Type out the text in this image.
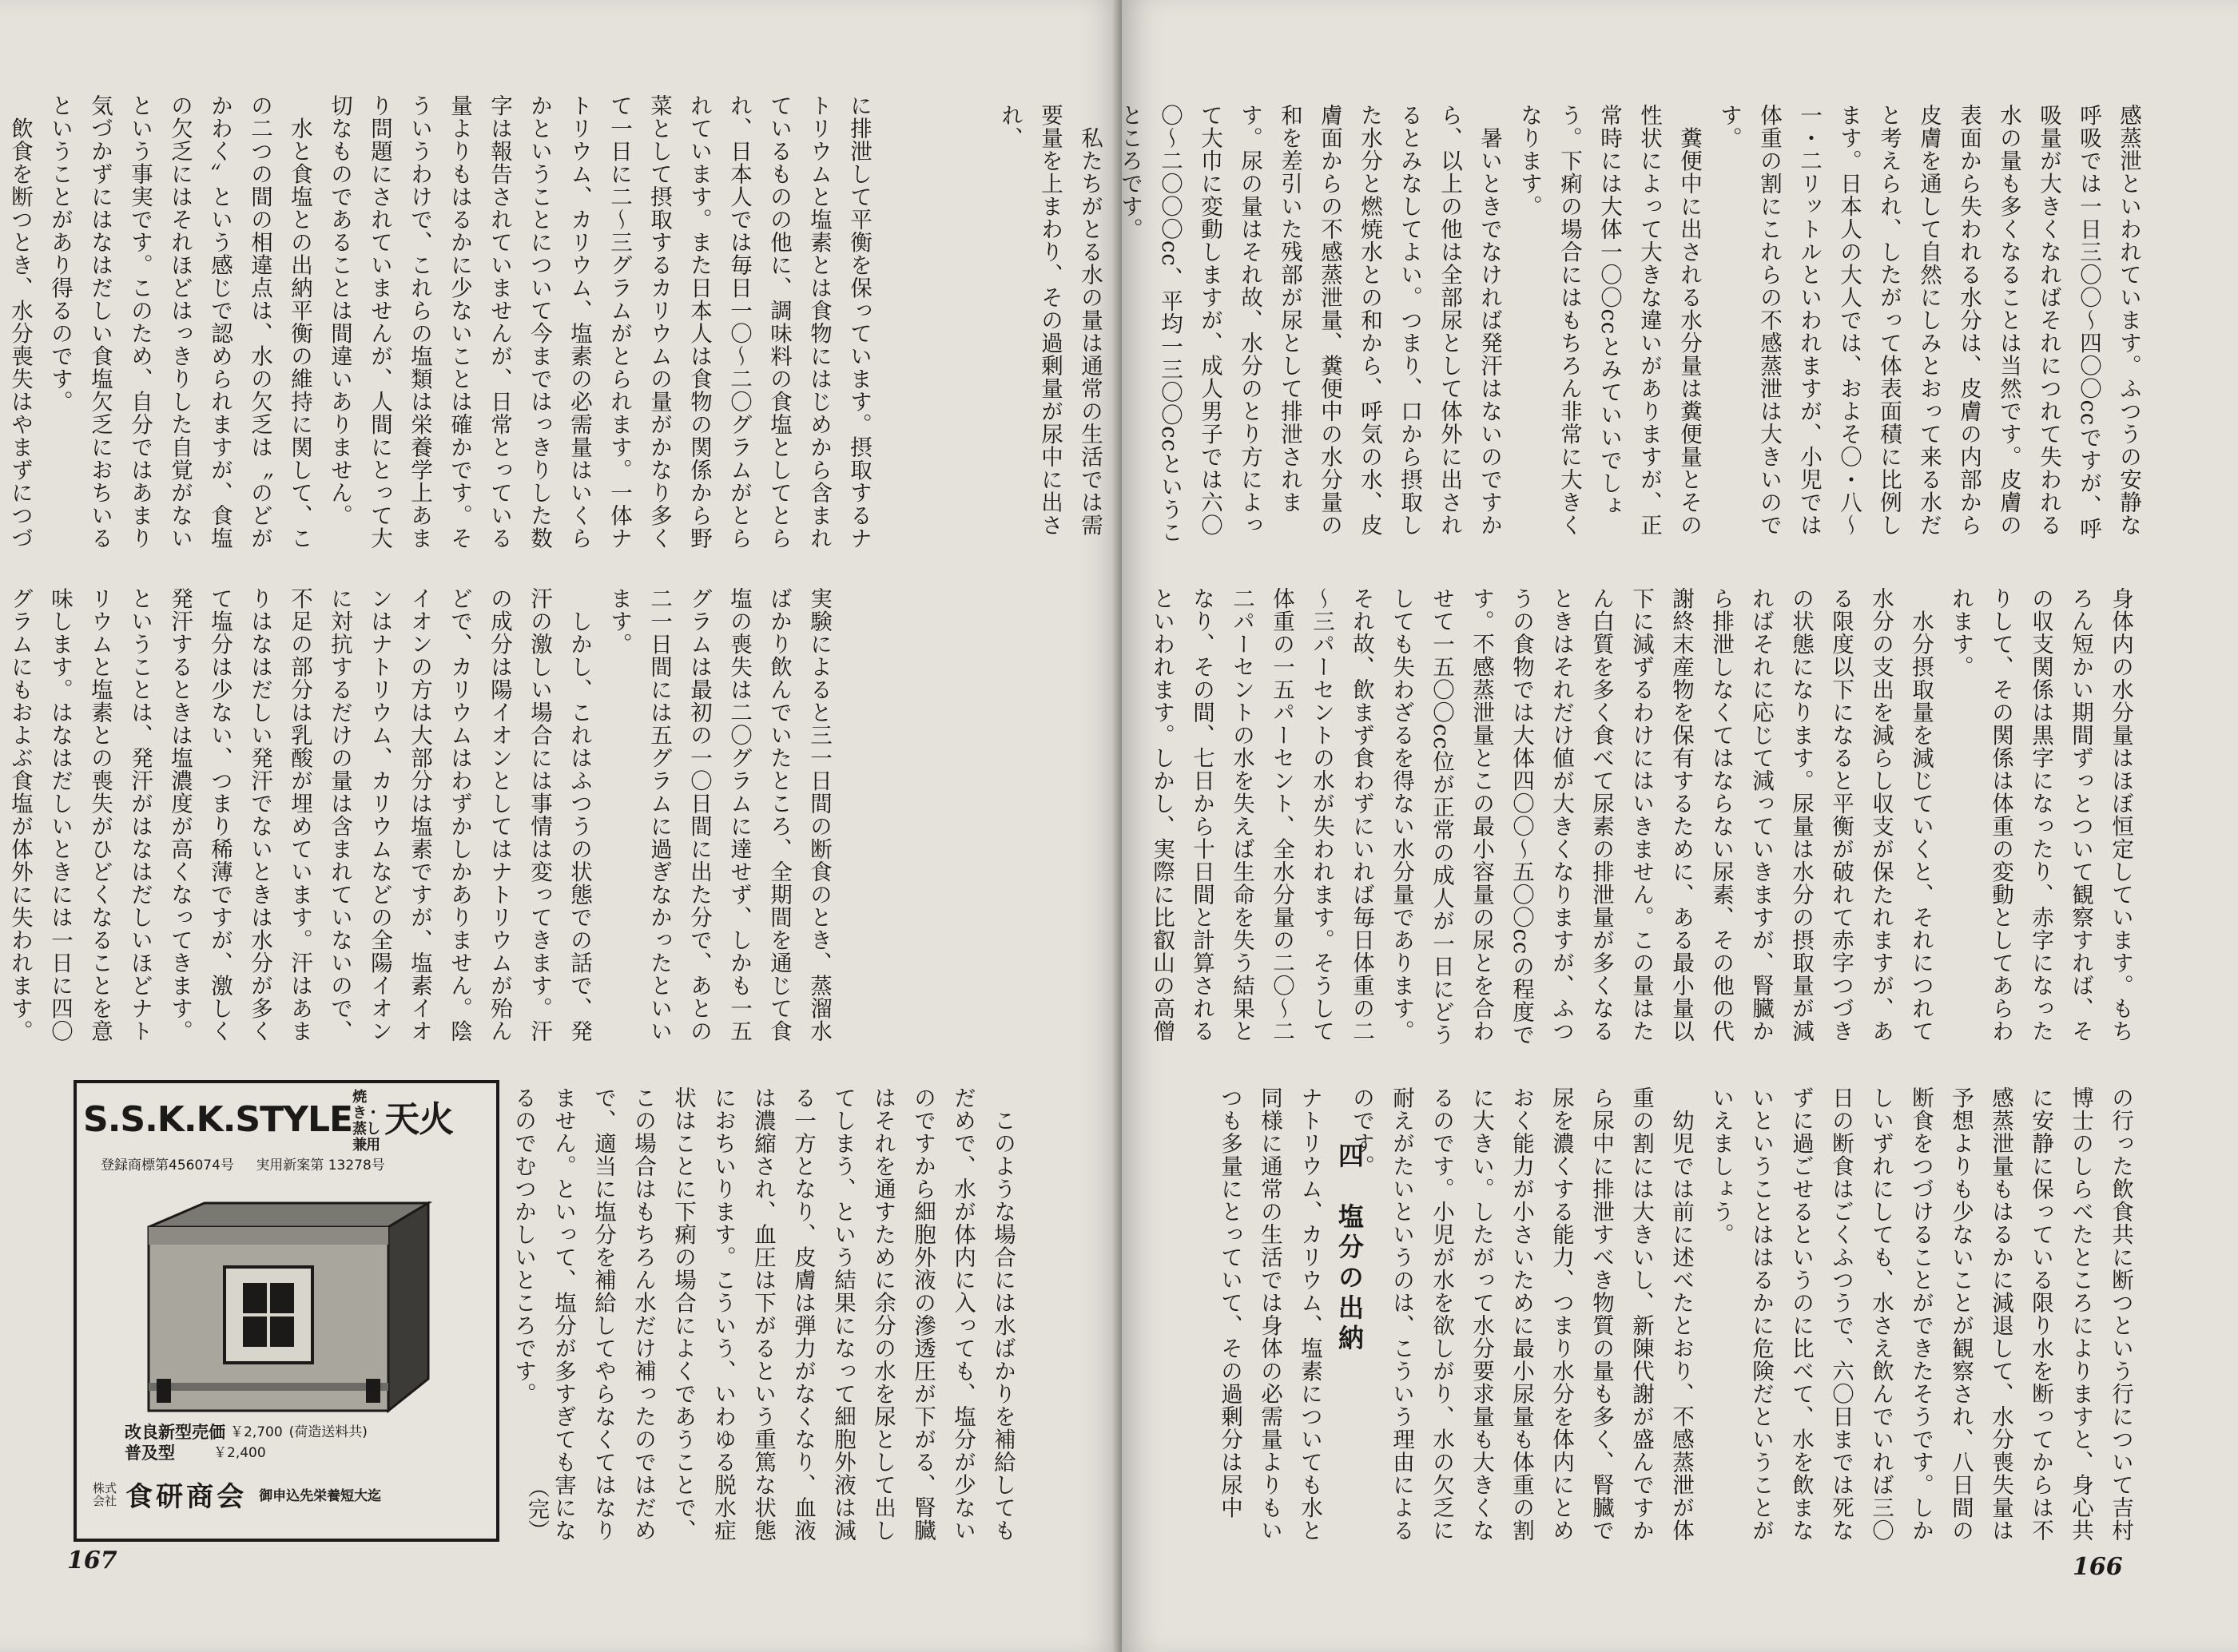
に排泄して平衡を保っています。摂取するナトリウムと塩素とは食物にはじめから含まれているものの他に、調味料の食塩としてとられ、日本人では毎日一〇～二〇グラムがとられています。また日本人は食物の関係から野菜として摂取するカリウムの量がかなり多くて一日に二～三グラムがとられます。一体ナトリウム、カリウム、塩素の必需量はいくらかということについて今まではっきりした数字は報告されていませんが、日常とっている量よりもはるかに少ないことは確かです。そういうわけで、これらの塩類は栄養学上あまり問題にされていませんが、人間にとって大切なものであることは間違いありません。
　水と食塩との出納平衡の維持に関して、この二つの間の相違点は、水の欠乏は〝のどがかわく〟という感じで認められますが、食塩の欠乏にはそれほどはっきりした自覚がないという事実です。このため、自分ではあまり気づかずにはなはだしい食塩欠乏におちいるということがあり得るのです。
　飲食を断つとき、水分喪失はやまずにつづ
実験によると三一日間の断食のとき、蒸溜水ばかり飲んでいたところ、全期間を通じて食塩の喪失は二〇グラムに達せず、しかも一五グラムは最初の一〇日間に出た分で、あとの二一日間には五グラムに過ぎなかったといいます。
　しかし、これはふつうの状態での話で、発汗の激しい場合には事情は変ってきます。汗の成分は陽イオンとしてはナトリウムが殆んどで、カリウムはわずかしかありません。陰イオンの方は大部分は塩素ですが、塩素イオンはナトリウム、カリウムなどの全陽イオンに対抗するだけの量は含まれていないので、不足の部分は乳酸が埋めています。汗はあまりはなはだしい発汗でないときは水分が多くて塩分は少ない、つまり稀薄ですが、激しく発汗するときは塩濃度が高くなってきます。ということは、発汗がはなはだしいほどナトリウムと塩素との喪失がひどくなることを意味します。はなはだしいときには一日に四〇グラムにもおよぶ食塩が体外に失われます。

　このような場合には水ばかりを補給してもだめで、水が体内に入っても、塩分が少ないのですから細胞外液の滲透圧が下がる、腎臓はそれを通すために余分の水を尿として出してしまう、という結果になって細胞外液は減る一方となり、皮膚は弾力がなくなり、血液は濃縮され、血圧は下がるという重篤な状態におちいります。こういう、いわゆる脱水症状はことに下痢の場合によくであうことで、この場合はもちろん水だけ補ったのではだめで、適当に塩分を補給してやらなくてはなりません。といって、塩分が多すぎても害になるのでむつかしいところです。
（完）
S.S.K.K.STYLE焼き・蒸し兼用天火
登録商標第456074号 実用新案第 13278号
改良新型 売価 ￥2,700 (荷造送料共)
普及型	￥2,400
株式会社 食研商会 御申込先栄養短大迄
167
感蒸泄といわれています。ふつうの安静な呼吸では一日三〇〇～四〇〇ccですが、呼吸量が大きくなればそれにつれて失われる水の量も多くなることは当然です。皮膚の表面から失われる水分は、皮膚の内部から皮膚を通して自然にしみとおって来る水だと考えられ、したがって体表面積に比例します。日本人の大人では、およそ〇・八～一・二リットルといわれますが、小児では体重の割にこれらの不感蒸泄は大きいのです。
　糞便中に出される水分量は糞便量とその性状によって大きな違いがありますが、正常時には大体一〇〇ccとみていいでしょう。下痢の場合にはもちろん非常に大きくなります。
　暑いときでなければ発汗はないのですから、以上の他は全部尿として体外に出されるとみなしてよい。つまり、口から摂取した水分と燃焼水との和から、呼気の水、皮膚面からの不感蒸泄量、糞便中の水分量の和を差引いた残部が尿として排泄されます。尿の量はそれ故、水分のとり方によって大巾に変動しますが、成人男子では六〇〇～二〇〇〇cc、平均一三〇〇ccということころです。
　私たちがとる水の量は通常の生活では需要量を上まわり、その過剰量が尿中に出され、
身体内の水分量はほぼ恒定しています。もちろん短かい期間ずっとついて観察すれば、その収支関係は黒字になったり、赤字になったりして、その関係は体重の変動としてあらわれます。
　水分摂取量を減じていくと、それにつれて水分の支出を減らし収支が保たれますが、ある限度以下になると平衡が破れて赤字つづきの状態になります。尿量は水分の摂取量が減ればそれに応じて減っていきますが、腎臓から排泄しなくてはならない尿素、その他の代謝終末産物を保有するために、ある最小量以下に減ずるわけにはいきません。この量はたん白質を多く食べて尿素の排泄量が多くなるときはそれだけ値が大きくなりますが、ふつうの食物では大体四〇〇～五〇〇ccの程度です。不感蒸泄量とこの最小容量の尿とを合わせて一五〇〇cc位が正常の成人が一日にどうしても失わざるを得ない水分量であります。それ故、飲まず食わずにいれば毎日体重の二～三パーセントの水が失われます。そうして体重の一五パーセント、全水分量の二〇～二二パーセントの水を失えば生命を失う結果となり、その間、七日から十日間と計算されるといわれます。しかし、実際に比叡山の高僧
の行った飲食共に断つという行について吉村博士のしらべたところによりますと、身心共に安静に保っている限り水を断ってからは不感蒸泄量もはるかに減退して、水分喪失量は予想よりも少ないことが観察され、八日間の断食をつづけることができたそうです。しかしいずれにしても、水さえ飲んでいれば三〇日の断食はごくふつうで、六〇日までは死なずに過ごせるというのに比べて、水を飲まないということははるかに危険だということがいえましょう。
　幼児では前に述べたとおり、不感蒸泄が体重の割には大きいし、新陳代謝が盛んですから尿中に排泄すべき物質の量も多く、腎臓で尿を濃くする能力、つまり水分を体内にとめおく能力が小さいために最小尿量も体重の割に大きい。したがって水分要求量も大きくなるのです。小児が水を欲しがり、水の欠乏に耐えがたいというのは、こういう理由によるのです。
四　塩分の出納
ナトリウム、カリウム、塩素についても水と同様に通常の生活では身体の必需量よりもいつも多量にとっていて、その過剰分は尿中
166
